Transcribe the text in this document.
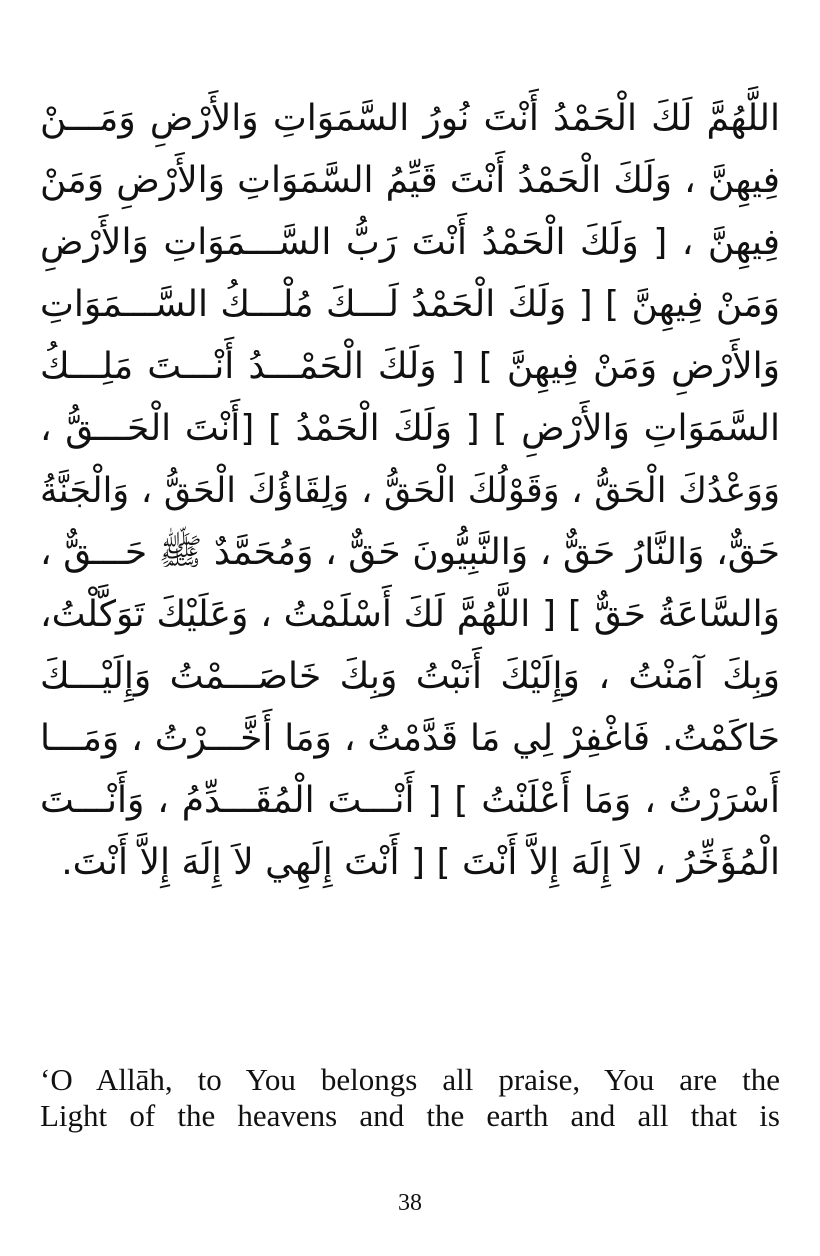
اللَّهُمَّ لَكَ الْحَمْدُ أَنْتَ نُورُ السَّمَوَاتِ وَالأَرْضِ وَمَـــنْ
فِيهِنَّ ، وَلَكَ الْحَمْدُ أَنْتَ قَيِّمُ السَّمَوَاتِ وَالأَرْضِ وَمَنْ
فِيهِنَّ ، [ وَلَكَ الْحَمْدُ أَنْتَ رَبُّ السَّـــمَوَاتِ وَالأَرْضِ
وَمَنْ فِيهِنَّ ] [ وَلَكَ الْحَمْدُ لَـــكَ مُلْـــكُ السَّـــمَوَاتِ
وَالأَرْضِ وَمَنْ فِيهِنَّ ] [ وَلَكَ الْحَمْـــدُ أَنْـــتَ مَلِـــكُ
السَّمَوَاتِ وَالأَرْضِ ] [ وَلَكَ الْحَمْدُ ] [أَنْتَ الْحَـــقُّ ،
وَوَعْدُكَ الْحَقُّ ، وَقَوْلُكَ الْحَقُّ ، وَلِقَاؤُكَ الْحَقُّ ، وَالْجَنَّةُ
حَقٌّ، وَالنَّارُ حَقٌّ ، وَالنَّبِيُّونَ حَقٌّ ، وَمُحَمَّدٌ ﷺ حَـــقٌّ ،
وَالسَّاعَةُ حَقٌّ ] [ اللَّهُمَّ لَكَ أَسْلَمْتُ ، وَعَلَيْكَ تَوَكَّلْتُ،
وَبِكَ آمَنْتُ ، وَإِلَيْكَ أَنَبْتُ وَبِكَ خَاصَـــمْتُ وَإِلَيْـــكَ
حَاكَمْتُ. فَاغْفِرْ لِي مَا قَدَّمْتُ ، وَمَا أَخَّـــرْتُ ، وَمَـــا
أَسْرَرْتُ ، وَمَا أَعْلَنْتُ ] [ أَنْـــتَ الْمُقَـــدِّمُ ، وَأَنْـــتَ
الْمُؤَخِّرُ ، لاَ إِلَهَ إِلاَّ أَنْتَ ] [ أَنْتَ إِلَهِي لاَ إِلَهَ إِلاَّ أَنْتَ.
‘O Allāh, to You belongs all praise, You are the
Light of the heavens and the earth and all that is
38
